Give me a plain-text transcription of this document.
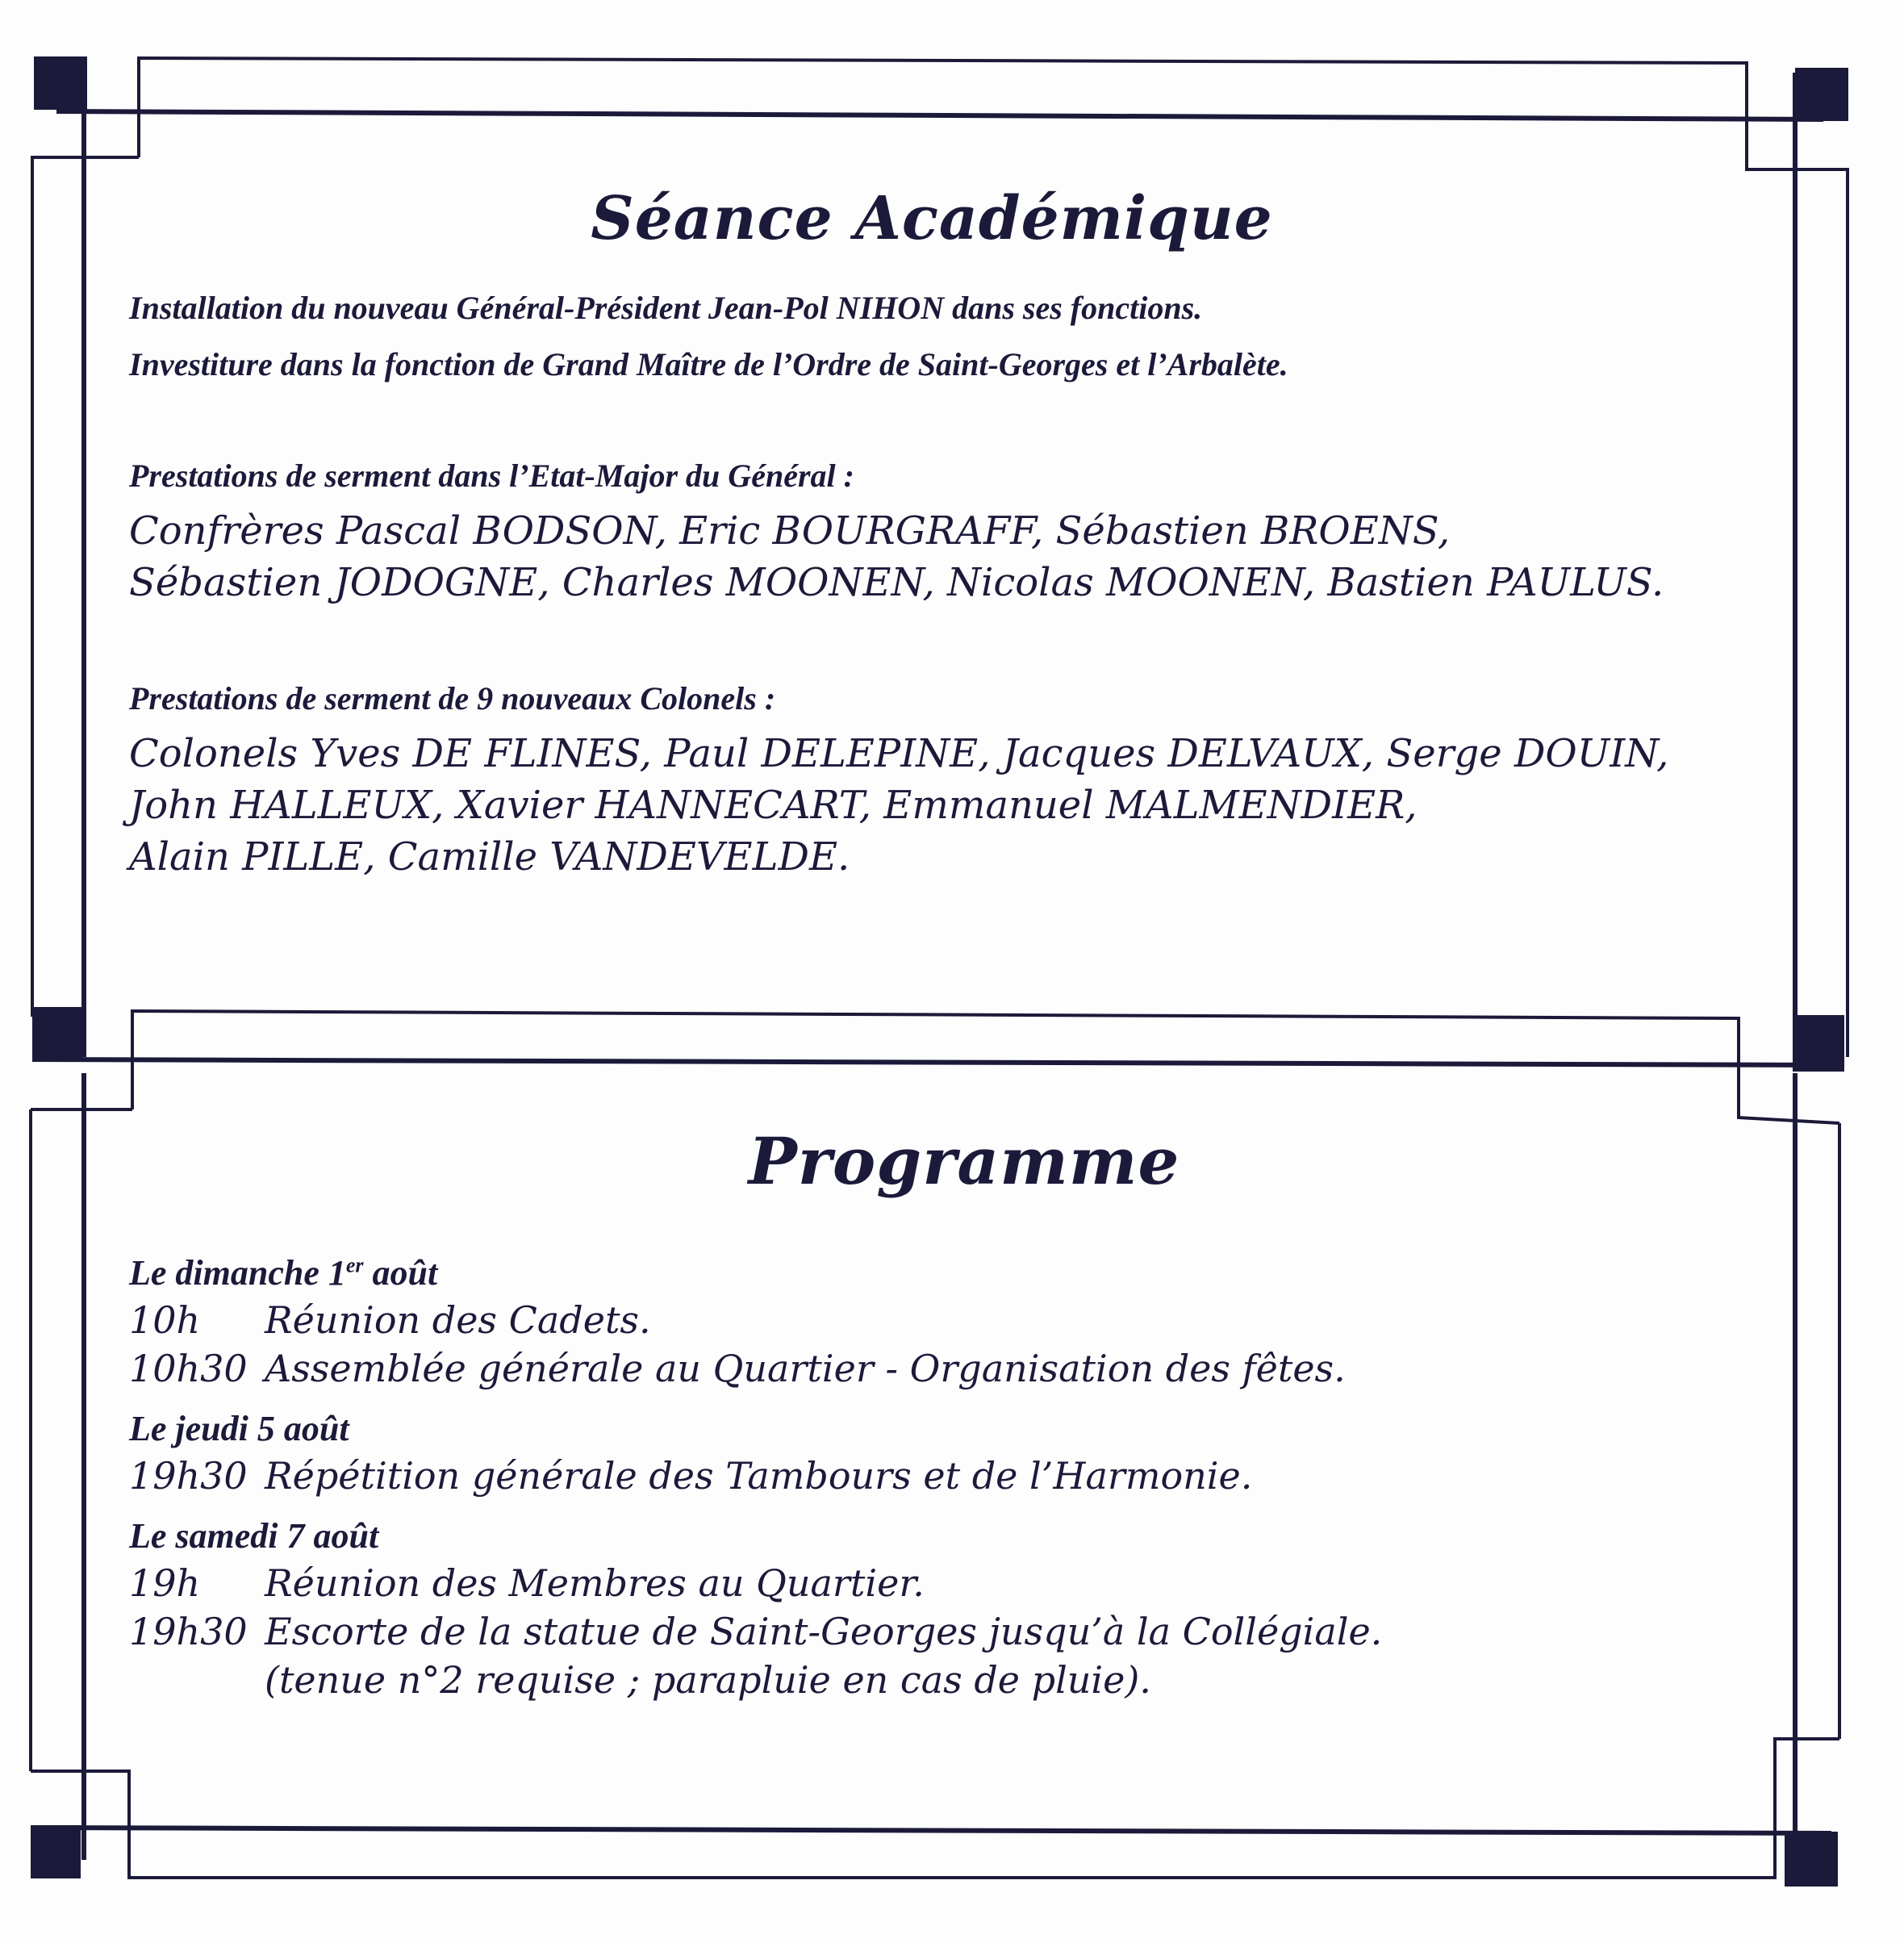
Séance Académique

Installation du nouveau Général-Président Jean-Pol NIHON dans ses fonctions.

Investiture dans la fonction de Grand Maître de l’Ordre de Saint-Georges et l’Arbalète.

Prestations de serment dans l’Etat-Major du Général :

Confrères Pascal BODSON, Eric BOURGRAFF, Sébastien BROENS,

Sébastien JODOGNE, Charles MOONEN, Nicolas MOONEN, Bastien PAULUS.

Prestations de serment de 9 nouveaux Colonels :

Colonels Yves DE FLINES, Paul DELEPINE, Jacques DELVAUX, Serge DOUIN,

John HALLEUX, Xavier HANNECART, Emmanuel MALMENDIER,

Alain PILLE, Camille VANDEVELDE.

Programme

Le dimanche 1er août

10h	Réunion des Cadets.
10h30 Assemblée générale au Quartier - Organisation des fêtes.

Le jeudi 5 août

19h30 Répétition générale des Tambours et de l’Harmonie.

Le samedi 7 août

19h	Réunion des Membres au Quartier.
19h30 Escorte de la statue de Saint-Georges jusqu’à la Collégiale.
(tenue n°2 requise ; parapluie en cas de pluie).
